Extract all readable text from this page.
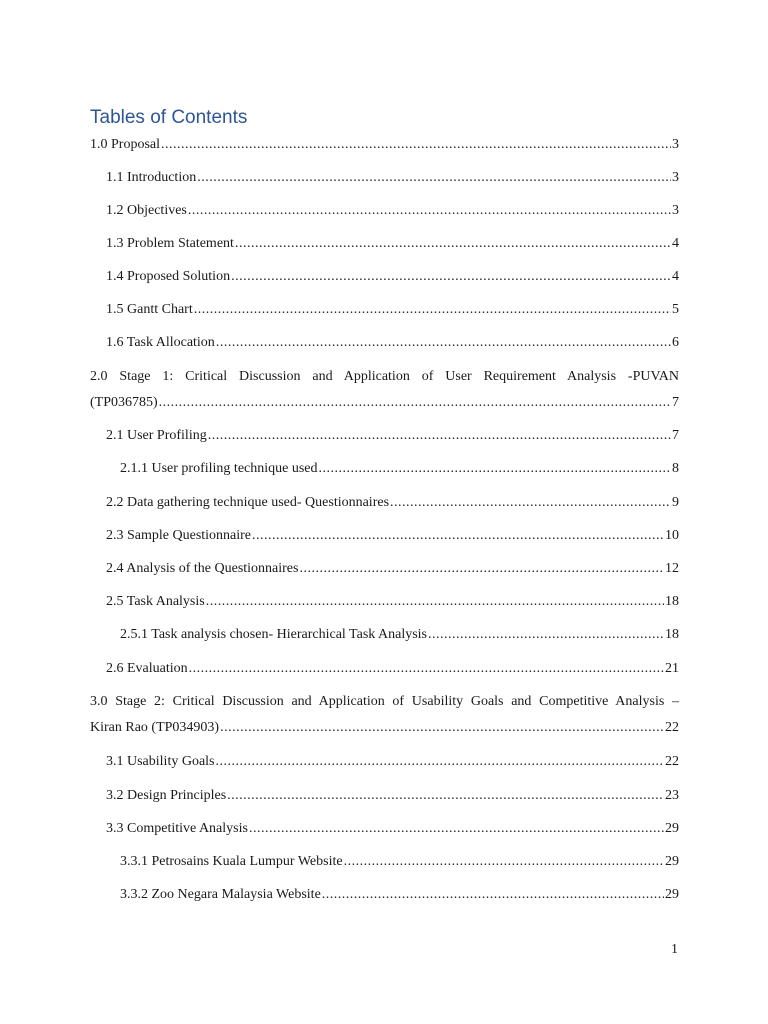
Tables of Contents
1.0 Proposal .....	3
1.1 Introduction .....	3
1.2 Objectives .....	3
1.3 Problem Statement .....	4
1.4 Proposed Solution .....	4
1.5 Gantt Chart .....	5
1.6 Task Allocation .....	6
2.0 Stage 1: Critical Discussion and Application of User Requirement Analysis -PUVAN
(TP036785) .....	7
2.1 User Profiling .....	7
2.1.1 User profiling technique used .....	8
2.2 Data gathering technique used- Questionnaires .....	9
2.3 Sample Questionnaire .....	10
2.4 Analysis of the Questionnaires .....	12
2.5 Task Analysis .....	18
2.5.1 Task analysis chosen- Hierarchical Task Analysis .....	18
2.6 Evaluation .....	21
3.0 Stage 2: Critical Discussion and Application of Usability Goals and Competitive Analysis –
Kiran Rao (TP034903) .....	22
3.1 Usability Goals .....	22
3.2 Design Principles .....	23
3.3 Competitive Analysis .....	29
3.3.1 Petrosains Kuala Lumpur Website .....	29
3.3.2 Zoo Negara Malaysia Website .....	29
1
